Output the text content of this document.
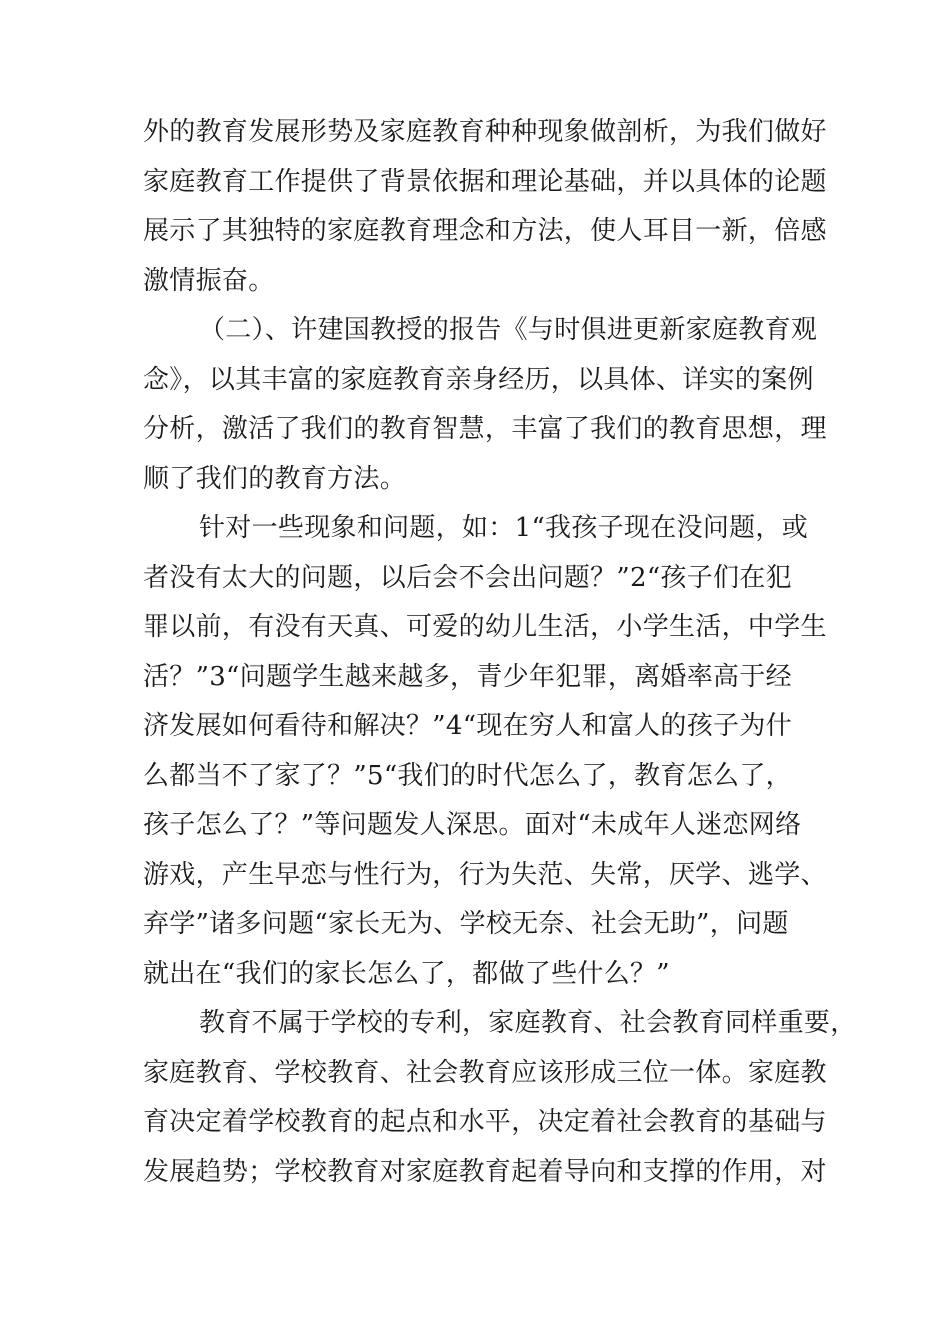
外的教育发展形势及家庭教育种种现象做剖析，为我们做好
家庭教育工作提供了背景依据和理论基础，并以具体的论题
展示了其独特的家庭教育理念和方法，使人耳目一新，倍感
激情振奋。
（二）、许建国教授的报告《与时俱进更新家庭教育观
念》，以其丰富的家庭教育亲身经历，以具体、详实的案例
分析，激活了我们的教育智慧，丰富了我们的教育思想，理
顺了我们的教育方法。
针对一些现象和问题，如：1“我孩子现在没问题，或
者没有太大的问题，以后会不会出问题？”2“孩子们在犯
罪以前，有没有天真、可爱的幼儿生活，小学生活，中学生
活？”3“问题学生越来越多，青少年犯罪，离婚率高于经
济发展如何看待和解决？”4“现在穷人和富人的孩子为什
么都当不了家了？”5“我们的时代怎么了，教育怎么了，
孩子怎么了？”等问题发人深思。面对“未成年人迷恋网络
游戏，产生早恋与性行为，行为失范、失常，厌学、逃学、
弃学”诸多问题“家长无为、学校无奈、社会无助”，问题
就出在“我们的家长怎么了，都做了些什么？”
教育不属于学校的专利，家庭教育、社会教育同样重要，
家庭教育、学校教育、社会教育应该形成三位一体。家庭教
育决定着学校教育的起点和水平，决定着社会教育的基础与
发展趋势；学校教育对家庭教育起着导向和支撑的作用，对
